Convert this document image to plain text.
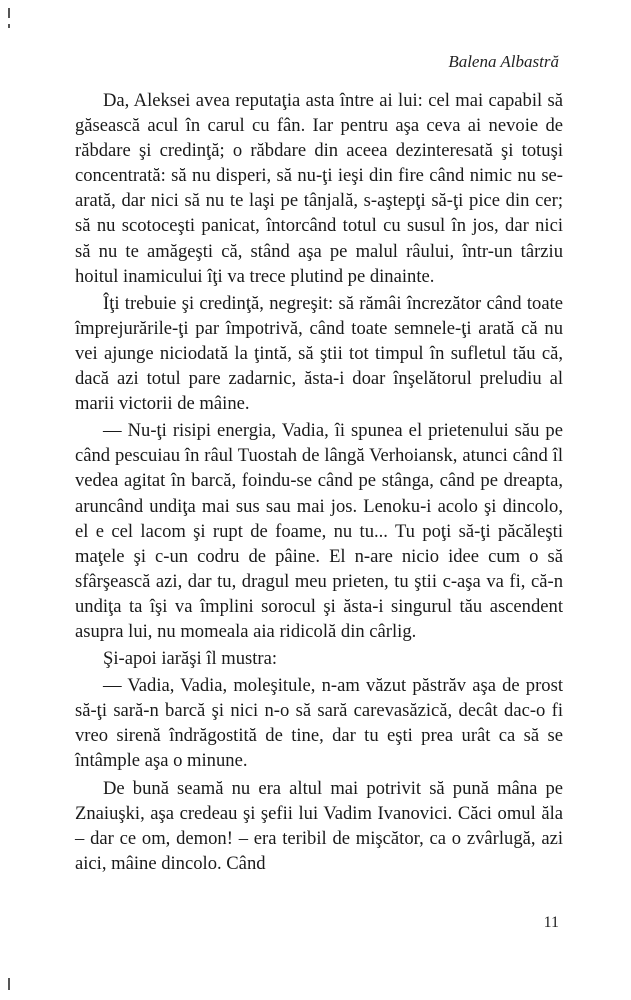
Balena Albastră

Da, Aleksei avea reputaţia asta între ai lui: cel mai capabil să găsească acul în carul cu fân. Iar pentru aşa ceva ai nevoie de răbdare şi credinţă; o răbdare din aceea dezinteresată şi totuşi concentrată: să nu disperi, să nu-ţi ieşi din fire când nimic nu se-arată, dar nici să nu te laşi pe tânjală, s-aştepţi să-ţi pice din cer; să nu scotoceşti panicat, întorcând totul cu susul în jos, dar nici să nu te amăgeşti că, stând aşa pe malul râului, într-un târziu hoitul inamicului îţi va trece plutind pe dinainte.

Îţi trebuie şi credinţă, negreşit: să rămâi încrezător când toate împrejurările-ţi par împotrivă, când toate semnele-ţi arată că nu vei ajunge niciodată la ţintă, să ştii tot timpul în sufletul tău că, dacă azi totul pare zadarnic, ăsta-i doar înşelătorul preludiu al marii victorii de mâine.

— Nu-ţi risipi energia, Vadia, îi spunea el prietenului său pe când pescuiau în râul Tuostah de lângă Verhoiansk, atunci când îl vedea agitat în barcă, foindu-se când pe stânga, când pe dreapta, aruncând undiţa mai sus sau mai jos. Lenoku-i acolo şi dincolo, el e cel lacom şi rupt de foame, nu tu... Tu poţi să-ţi păcăleşti maţele şi c-un codru de pâine. El n-are nicio idee cum o să sfârşească azi, dar tu, dragul meu prieten, tu ştii c-aşa va fi, că-n undiţa ta îşi va împlini sorocul şi ăsta-i singurul tău ascendent asupra lui, nu momeala aia ridicolă din cârlig.

Şi-apoi iarăşi îl mustra:

— Vadia, Vadia, moleşitule, n-am văzut păstrăv aşa de prost să-ţi sară-n barcă şi nici n-o să sară carevasăzică, decât dac-o fi vreo sirenă îndrăgostită de tine, dar tu eşti prea urât ca să se întâmple aşa o minune.

De bună seamă nu era altul mai potrivit să pună mâna pe Znaiuşki, aşa credeau şi şefii lui Vadim Ivanovici. Căci omul ăla – dar ce om, demon! – era teribil de mişcător, ca o zvârlugă, azi aici, mâine dincolo. Când

11
